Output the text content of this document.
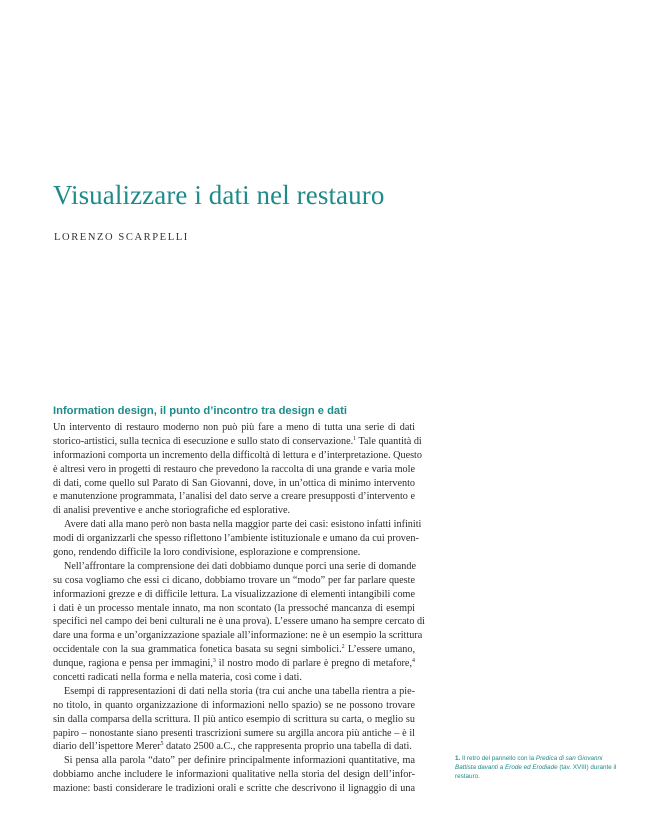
Visualizzare i dati nel restauro
LORENZO SCARPELLI
Information design, il punto d’incontro tra design e dati
Un intervento di restauro moderno non può più fare a meno di tutta una serie di dati
storico-artistici, sulla tecnica di esecuzione e sullo stato di conservazione.$^1$ Tale quantità di
informazioni comporta un incremento della difficoltà di lettura e d’interpretazione. Questo
è altresì vero in progetti di restauro che prevedono la raccolta di una grande e varia mole
di dati, come quello sul Parato di San Giovanni, dove, in un’ottica di minimo intervento
e manutenzione programmata, l’analisi del dato serve a creare presupposti d’intervento e
di analisi preventive e anche storiografiche ed esplorative.
Avere dati alla mano però non basta nella maggior parte dei casi: esistono infatti infiniti
modi di organizzarli che spesso riflettono l’ambiente istituzionale e umano da cui proven-
gono, rendendo difficile la loro condivisione, esplorazione e comprensione.
Nell’affrontare la comprensione dei dati dobbiamo dunque porci una serie di domande
su cosa vogliamo che essi ci dicano, dobbiamo trovare un “modo” per far parlare queste
informazioni grezze e di difficile lettura. La visualizzazione di elementi intangibili come
i dati è un processo mentale innato, ma non scontato (la pressoché mancanza di esempi
specifici nel campo dei beni culturali ne è una prova). L’essere umano ha sempre cercato di
dare una forma e un’organizzazione spaziale all’informazione: ne è un esempio la scrittura
occidentale con la sua grammatica fonetica basata su segni simbolici.$^2$ L’essere umano,
dunque, ragiona e pensa per immagini,$^3$ il nostro modo di parlare è pregno di metafore,$^4$
concetti radicati nella forma e nella materia, così come i dati.
Esempi di rappresentazioni di dati nella storia (tra cui anche una tabella rientra a pie-
no titolo, in quanto organizzazione di informazioni nello spazio) se ne possono trovare
sin dalla comparsa della scrittura. Il più antico esempio di scrittura su carta, o meglio su
papiro – nonostante siano presenti trascrizioni sumere su argilla ancora più antiche – è il
diario dell’ispettore Merer$^5$ datato 2500 a.C., che rappresenta proprio una tabella di dati.
Si pensa alla parola “dato” per definire principalmente informazioni quantitative, ma
dobbiamo anche includere le informazioni qualitative nella storia del design dell’infor-
mazione: basti considerare le tradizioni orali e scritte che descrivono il lignaggio di una
1. Il retro del pannello con la Predica di san Giovanni Battista davanti a Erode ed Erodiade (tav. XVIII) durante il restauro.
